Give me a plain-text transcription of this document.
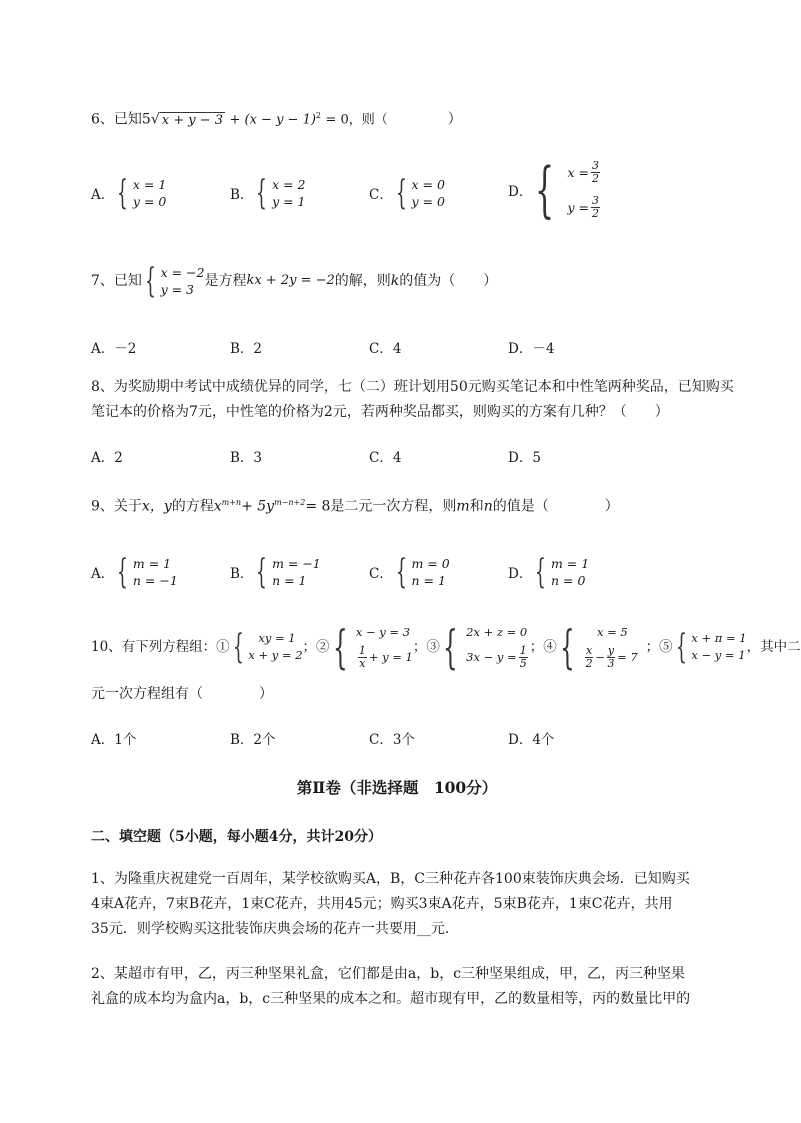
6、已知5√ $x + y - 3 + (x - y - 1)^2 = 0$，则（	）
A． { x = 1
y = 0	B． { x = 2
y = 1	C． { x = 0
y = 0
D． { $x = \frac{3}{2}$
$y = \frac{3}{2}$
7、已知 { x = −2
y = 3
是方程 kx + 2y = −2 的解，则 k 的值为（　　）
A．－2	B．2	C．4	D．－4
8、为奖励期中考试中成绩优异的同学，七（二）班计划用50元购买笔记本和中性笔两种奖品，已知购买
笔记本的价格为7元，中性笔的价格为2元，若两种奖品都买，则购买的方案有几种？（　　）
A．2	B．3	C．4	D．5
9、关于x，y的方程$x^{m+n}+ 5y^{m-n+2}= 8$是二元一次方程，则m和n的值是（　　　　）
A． { m = 1
n = −1	B． { m = −1
n = 1	C． { m = 0
n = 1	D． { m = 1
n = 0
10、有下列方程组：① {	xy = 1
x + y = 2 ；② { x − y = 3
$\frac{1}{x} + y = 1$
；③ { 2x + z = 0
$3x - y = \frac{1}{5}$ ；④ {	x = 5
$\frac{x}{2} - \frac{y}{3} = 7$
；⑤ { x + π = 1
x − y = 1 ，其中二
元一次方程组有（　　　　）
A．1个	B．2个	C．3个	D．4个
第Ⅱ卷（非选择题　100分）
二、填空题（5小题，每小题4分，共计20分）
1、为隆重庆祝建党一百周年，某学校欲购买A，B，C三种花卉各100束装饰庆典会场．已知购买
4束A花卉，7束B花卉，1束C花卉，共用45元；购买3束A花卉，5束B花卉，1束C花卉，共用
35元．则学校购买这批装饰庆典会场的花卉一共要用__元．
2、某超市有甲，乙，丙三种坚果礼盒，它们都是由a，b，c三种坚果组成，甲，乙，丙三种坚果
礼盒的成本均为盒内a，b，c三种坚果的成本之和。超市现有甲，乙的数量相等，丙的数量比甲的
